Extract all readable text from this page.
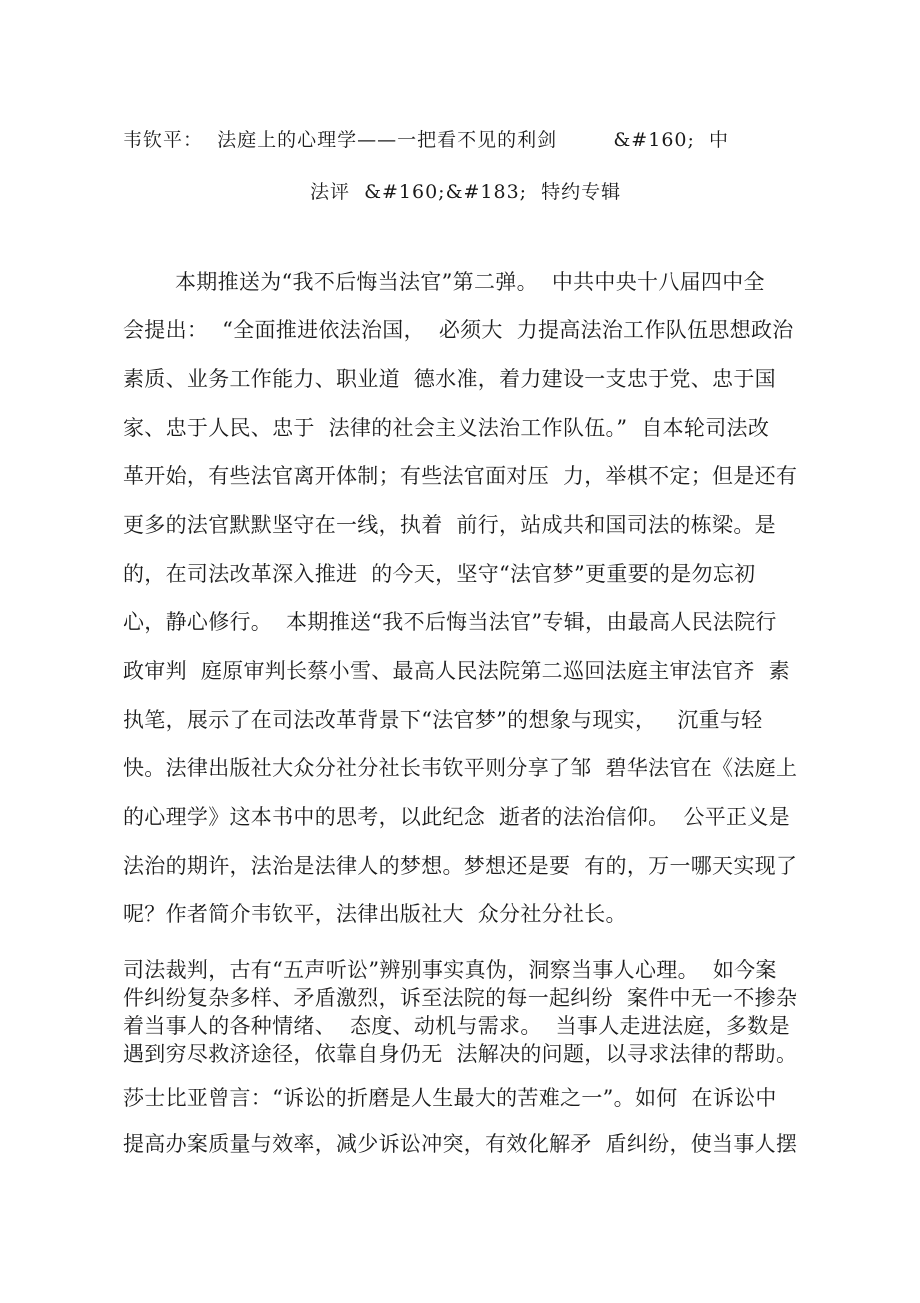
韦钦平：  法庭上的心理学——一把看不见的利剑        &#160;  中
法评  &#160;&#183;  特约专辑
本期推送为“我不后悔当法官”第二弹。  中共中央十八届四中全
会提出：  “全面推进依法治国，  必须大  力提高法治工作队伍思想政治
素质、业务工作能力、职业道  德水准，着力建设一支忠于党、忠于国
家、忠于人民、忠于  法律的社会主义法治工作队伍。”  自本轮司法改
革开始，有些法官离开体制；有些法官面对压  力，举棋不定；但是还有
更多的法官默默坚守在一线，执着  前行，站成共和国司法的栋梁。是
的，在司法改革深入推进  的今天，坚守“法官梦”更重要的是勿忘初
心，静心修行。  本期推送“我不后悔当法官”专辑，由最高人民法院行
政审判  庭原审判长蔡小雪、最高人民法院第二巡回法庭主审法官齐  素
执笔，展示了在司法改革背景下“法官梦”的想象与现实，   沉重与轻
快。法律出版社大众分社分社长韦钦平则分享了邹  碧华法官在《法庭上
的心理学》这本书中的思考，以此纪念  逝者的法治信仰。  公平正义是
法治的期许，法治是法律人的梦想。梦想还是要  有的，万一哪天实现了
呢？作者简介韦钦平，法律出版社大  众分社分社长。
司法裁判，古有“五声听讼”辨别事实真伪，洞察当事人心理。  如今案
件纠纷复杂多样、矛盾激烈，诉至法院的每一起纠纷  案件中无一不掺杂
着当事人的各种情绪、  态度、动机与需求。  当事人走进法庭，多数是
遇到穷尽救济途径，依靠自身仍无  法解决的问题，以寻求法律的帮助。
莎士比亚曾言：“诉讼的折磨是人生最大的苦难之一”。如何  在诉讼中
提高办案质量与效率，减少诉讼冲突，有效化解矛  盾纠纷，使当事人摆
